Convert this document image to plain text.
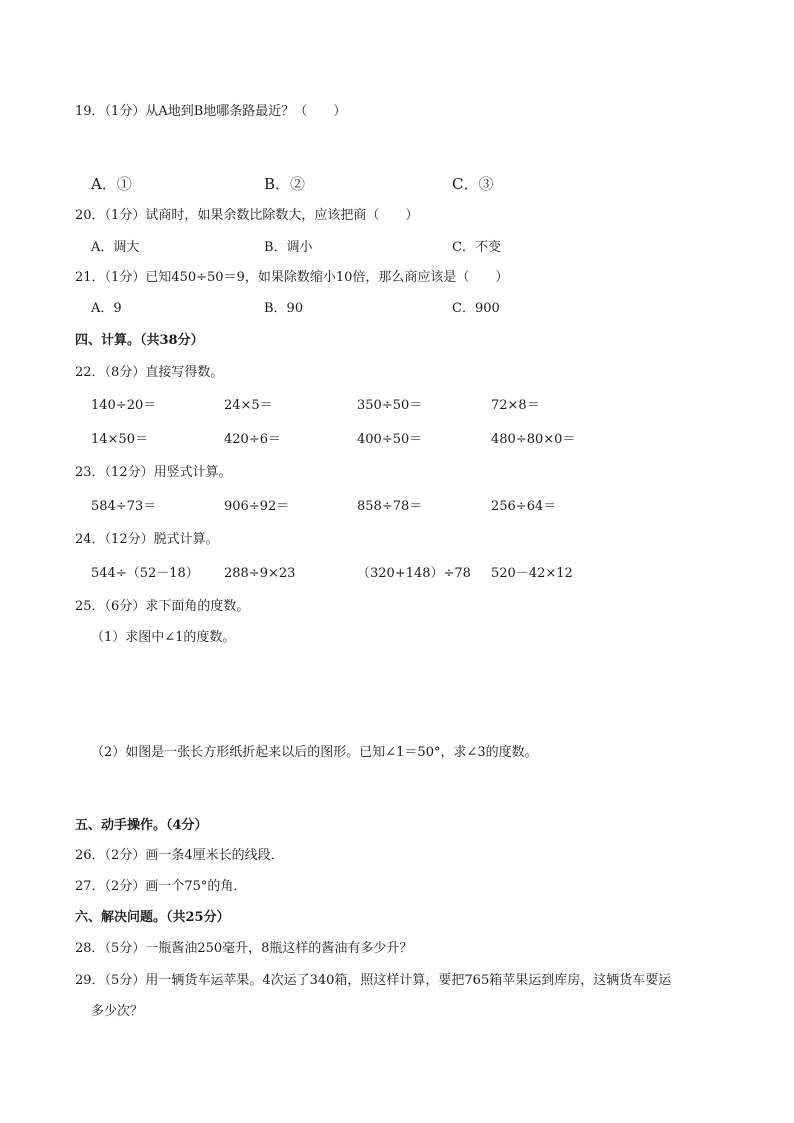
19．（1分）从A地到B地哪条路最近？（　　）
A．①	B．②	C．③
20．（1分）试商时，如果余数比除数大，应该把商（　　）
A．调大	B．调小	C．不变
21．（1分）已知450÷50＝9，如果除数缩小10倍，那么商应该是（　　）
A．9	B．90	C．900
四、计算。（共38分）
22．（8分）直接写得数。
140÷20＝	24×5＝	350÷50＝	72×8＝
14×50＝	420÷6＝	400÷50＝	480÷80×0＝
23．（12分）用竖式计算。
584÷73＝	906÷92＝	858÷78＝	256÷64＝
24．（12分）脱式计算。
544÷（52－18） 288÷9×23	（320+148）÷78 520－42×12
25．（6分）求下面角的度数。
（1）求图中∠1的度数。
（2）如图是一张长方形纸折起来以后的图形。已知∠1＝50°，求∠3的度数。
五、动手操作。（4分）
26．（2分）画一条4厘米长的线段．
27．（2分）画一个75°的角．
六、解决问题。（共25分）
28．（5分）一瓶酱油250毫升，8瓶这样的酱油有多少升？
29．（5分）用一辆货车运苹果。4次运了340箱，照这样计算，要把765箱苹果运到库房，这辆货车要运
多少次？
